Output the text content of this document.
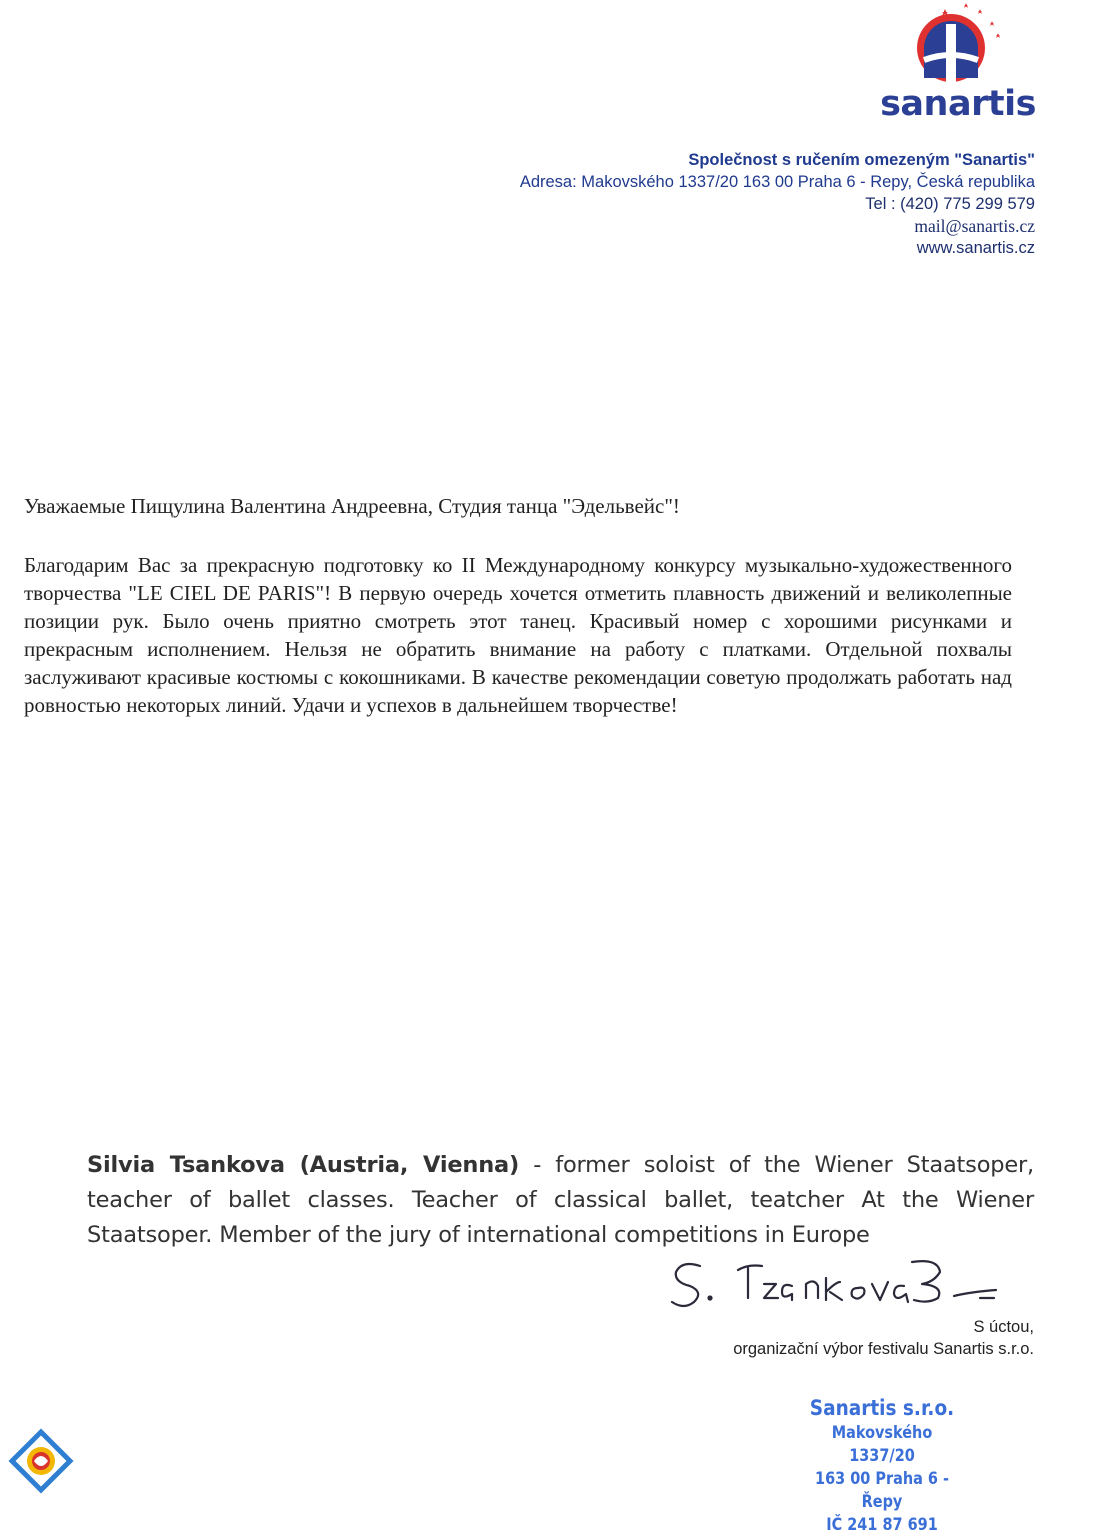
sanartis
Společnost s ručením omezeným "Sanartis"
Adresa: Makovského 1337/20 163 00 Praha 6 - Repy, Česká republika
Tel : (420) 775 299 579
mail@sanartis.cz
www.sanartis.cz
Уважаемые Пищулина Валентина Андреевна, Студия танца "Эдельвейс"!

Благодарим Вас за прекрасную подготовку ко II Международному конкурсу музыкально-художественного творчества "LE CIEL DE PARIS"! В первую очередь хочется отметить плавность движений и великолепные позиции рук. Было очень приятно смотреть этот танец. Красивый номер с хорошими рисунками и прекрасным исполнением. Нельзя не обратить внимание на работу с платками. Отдельной похвалы заслуживают красивые костюмы с кокошниками. В качестве рекомендации советую продолжать работать над ровностью некоторых линий. Удачи и успехов в дальнейшем творчестве!

Silvia Tsankova (Austria, Vienna) - former soloist of the Wiener Staatsoper, teacher of ballet classes. Teacher of classical ballet, teatcher At the Wiener Staatsoper. Member of the jury of international competitions in Europe

S úctou,
organizační výbor festivalu Sanartis s.r.o.
Sanartis s.r.o.
Makovského 1337/20
163 00 Praha 6 - Řepy
IČ 241 87 691
